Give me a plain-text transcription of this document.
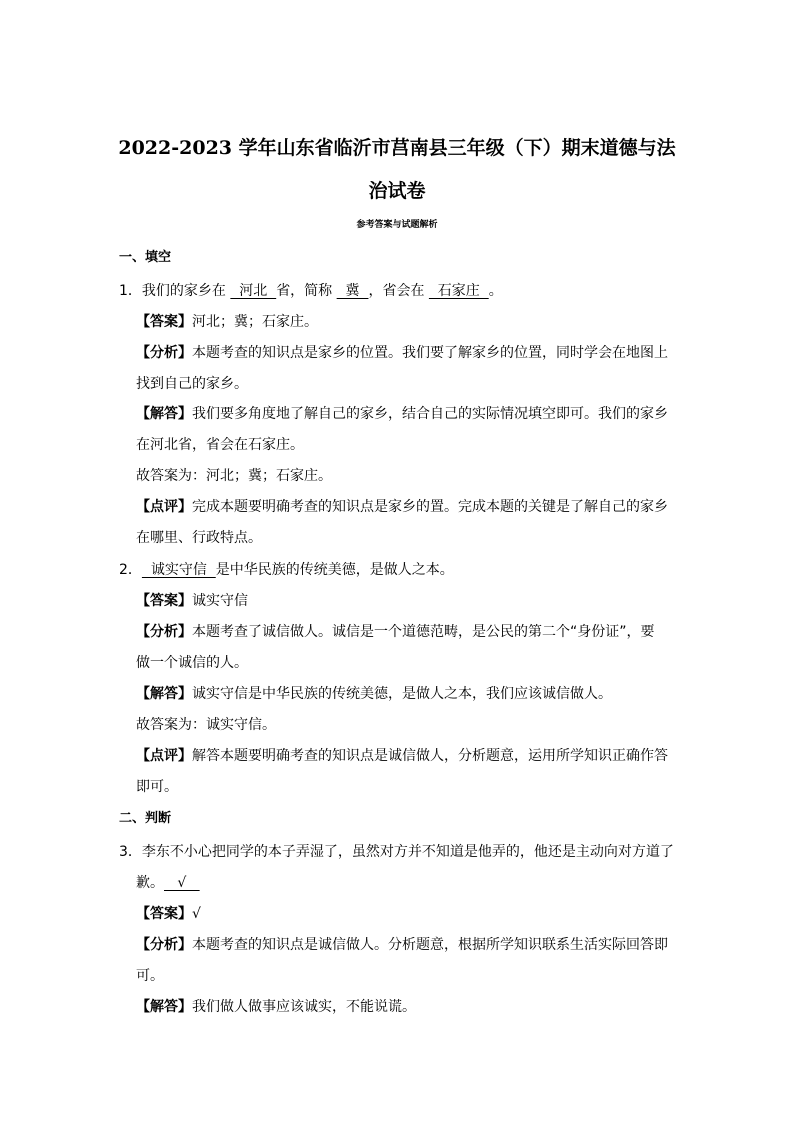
2022-2023 学年山东省临沂市莒南县三年级（下）期末道德与法
治试卷
参考答案与试题解析
一、填空
1．我们的家乡在   河北  省，简称   冀  ，省会在   石家庄  。
【答案】河北；冀；石家庄。
【分析】本题考查的知识点是家乡的位置。我们要了解家乡的位置，同时学会在地图上
找到自己的家乡。
【解答】我们要多角度地了解自己的家乡，结合自己的实际情况填空即可。我们的家乡
在河北省，省会在石家庄。
故答案为：河北；冀；石家庄。
【点评】完成本题要明确考查的知识点是家乡的置。完成本题的关键是了解自己的家乡
在哪里、行政特点。
2．  诚实守信  是中华民族的传统美德，是做人之本。
【答案】诚实守信
【分析】本题考查了诚信做人。诚信是一个道德范畴，是公民的第二个“身份证”，要
做一个诚信的人。
【解答】诚实守信是中华民族的传统美德，是做人之本，我们应该诚信做人。
故答案为：诚实守信。
【点评】解答本题要明确考查的知识点是诚信做人，分析题意，运用所学知识正确作答
即可。
二、判断
3．李东不小心把同学的本子弄湿了，虽然对方并不知道是他弄的，他还是主动向对方道了
歉。   √
【答案】√
【分析】本题考查的知识点是诚信做人。分析题意，根据所学知识联系生活实际回答即
可。
【解答】我们做人做事应该诚实，不能说谎。
